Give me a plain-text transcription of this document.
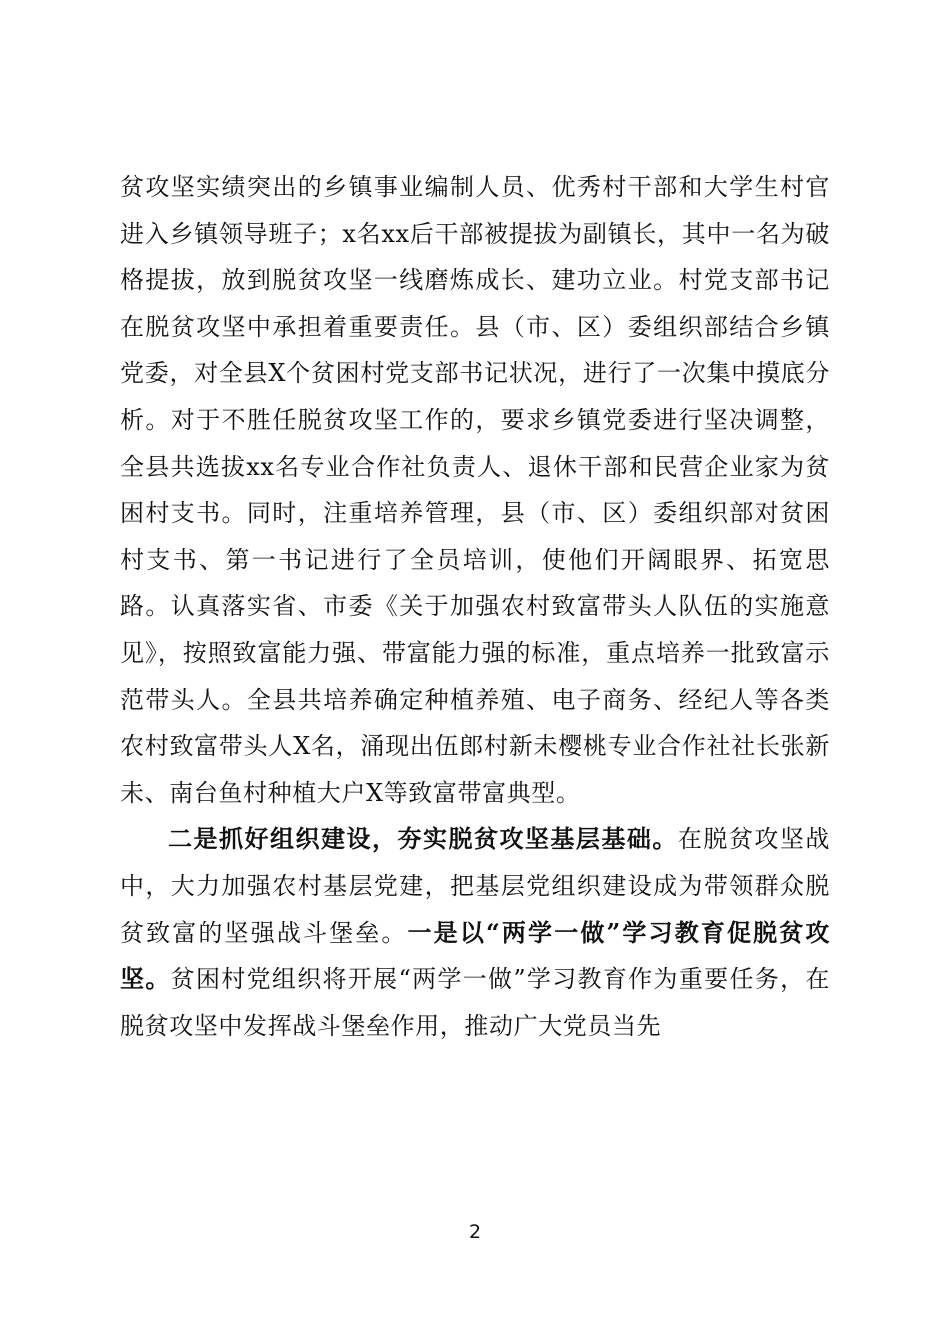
贫攻坚实绩突出的乡镇事业编制人员、优秀村干部和大学生村官进入乡镇领导班子；x名xx后干部被提拔为副镇长，其中一名为破格提拔，放到脱贫攻坚一线磨炼成长、建功立业。村党支部书记在脱贫攻坚中承担着重要责任。县（市、区）委组织部结合乡镇党委，对全县X个贫困村党支部书记状况，进行了一次集中摸底分析。对于不胜任脱贫攻坚工作的，要求乡镇党委进行坚决调整，全县共选拔xx名专业合作社负责人、退休干部和民营企业家为贫困村支书。同时，注重培养管理，县（市、区）委组织部对贫困村支书、第一书记进行了全员培训，使他们开阔眼界、拓宽思路。认真落实省、市委《关于加强农村致富带头人队伍的实施意见》，按照致富能力强、带富能力强的标准，重点培养一批致富示范带头人。全县共培养确定种植养殖、电子商务、经纪人等各类农村致富带头人X名，涌现出伍郎村新未樱桃专业合作社社长张新未、南台鱼村种植大户X等致富带富典型。

二是抓好组织建设，夯实脱贫攻坚基层基础。在脱贫攻坚战中，大力加强农村基层党建，把基层党组织建设成为带领群众脱贫致富的坚强战斗堡垒。一是以“两学一做”学习教育促脱贫攻坚。贫困村党组织将开展“两学一做”学习教育作为重要任务，在脱贫攻坚中发挥战斗堡垒作用，推动广大党员当先

2
